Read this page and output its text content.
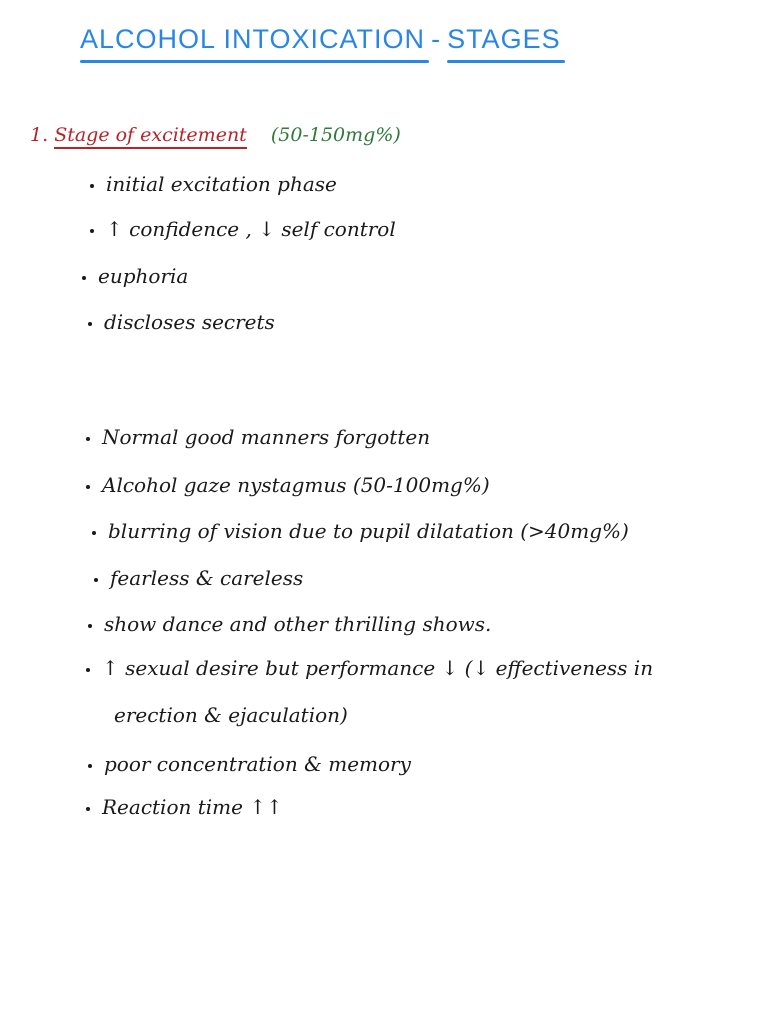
ALCOHOL INTOXICATION - STAGES
1. Stage of excitement (50-150mg%)
initial excitation phase
↑ confidence , ↓ self control
euphoria
discloses secrets
Normal good manners forgotten
Alcohol gaze nystagmus (50-100mg%)
blurring of vision due to pupil dilatation (>40mg%)
fearless & careless
show dance and other thrilling shows.
↑ sexual desire but performance ↓ (↓ effectiveness in
erection & ejaculation)
poor concentration & memory
Reaction time ↑↑
